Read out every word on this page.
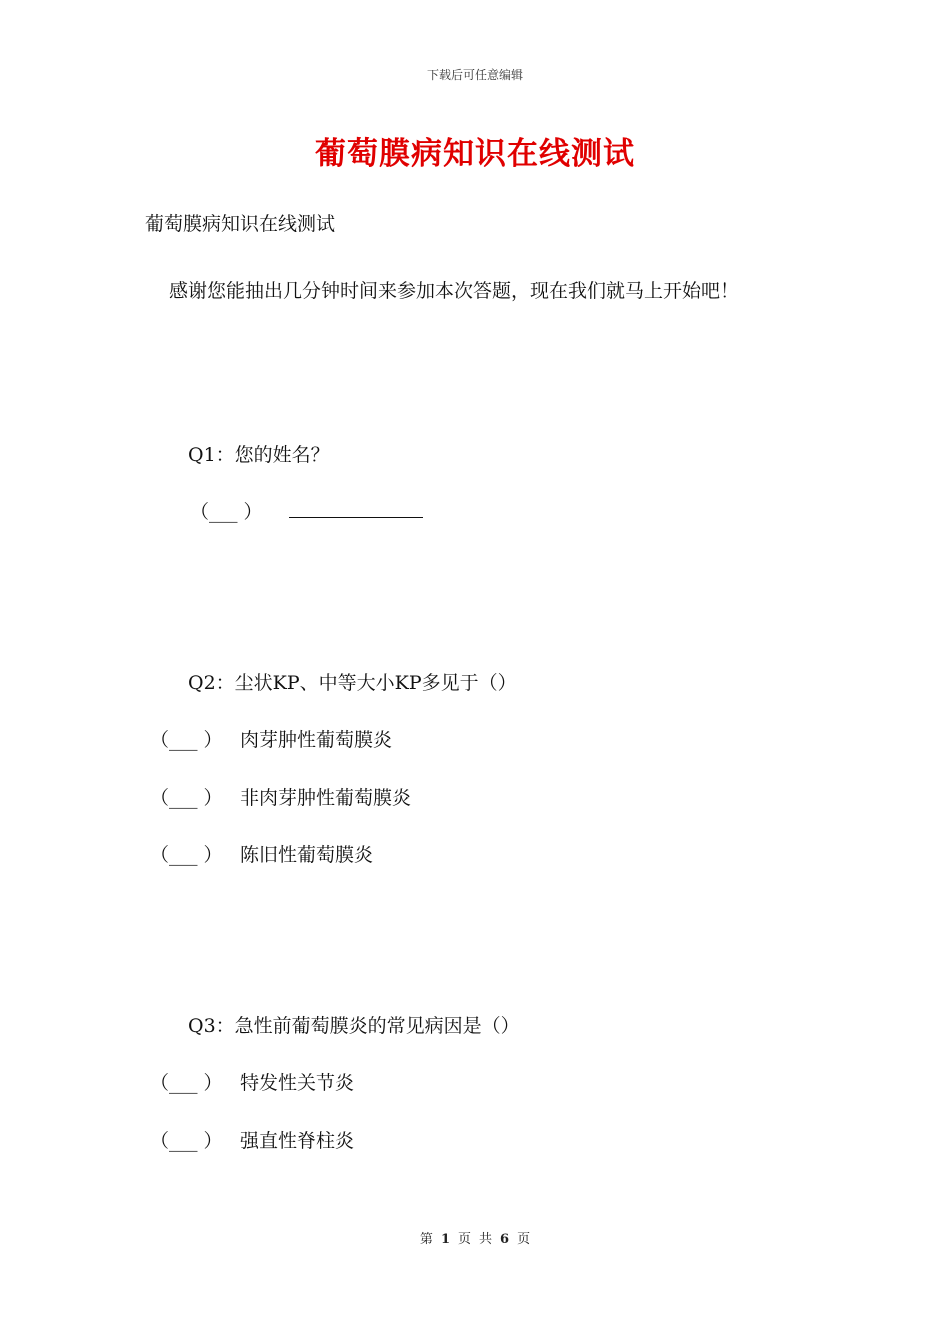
下载后可任意编辑
葡萄膜病知识在线测试
葡萄膜病知识在线测试
感谢您能抽出几分钟时间来参加本次答题，现在我们就马上开始吧！
Q1：您的姓名？
（___ ）
Q2：尘状KP、中等大小KP多见于（）
（___ ） 肉芽肿性葡萄膜炎
（___ ） 非肉芽肿性葡萄膜炎
（___ ） 陈旧性葡萄膜炎
Q3：急性前葡萄膜炎的常见病因是（）
（___ ） 特发性关节炎
（___ ） 强直性脊柱炎
第 1 页 共 6 页
